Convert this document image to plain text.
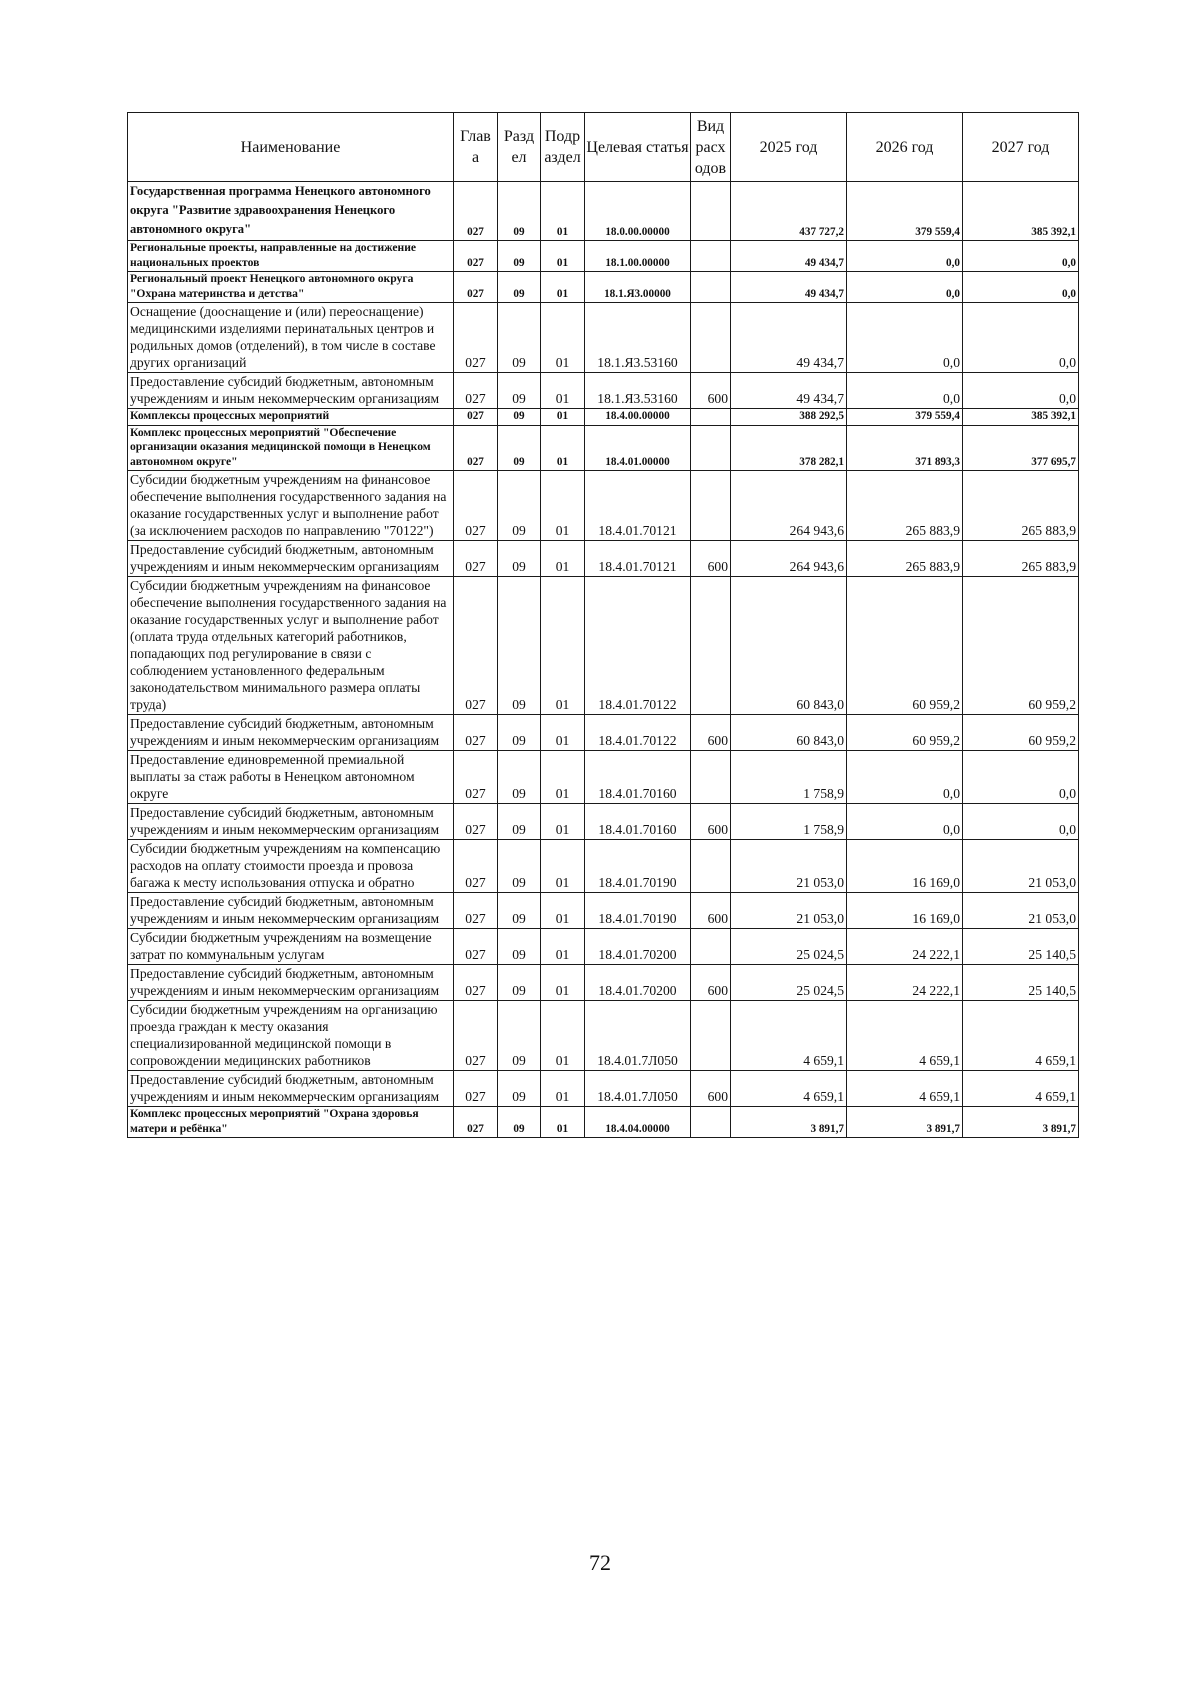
Наименование	Глав а	Разд ел	Подр аздел	Целевая статья	Вид расх одов	2025 год	2026 год	2027 год
Государственная программа Ненецкого автономного округа "Развитие здравоохранения Ненецкого автономного округа"	027	09	01	18.0.00.00000		437 727,2	379 559,4	385 392,1
Региональные проекты, направленные на достижение национальных проектов	027	09	01	18.1.00.00000		49 434,7	0,0	0,0
Региональный проект Ненецкого автономного округа "Охрана материнства и детства"	027	09	01	18.1.Я3.00000		49 434,7	0,0	0,0
Оснащение (дооснащение и (или) переоснащение) медицинскими изделиями перинатальных центров и родильных домов (отделений), в том числе в составе других организаций	027	09	01	18.1.Я3.53160		49 434,7	0,0	0,0
Предоставление субсидий бюджетным, автономным учреждениям и иным некоммерческим организациям	027	09	01	18.1.Я3.53160	600	49 434,7	0,0	0,0
Комплексы процессных мероприятий	027	09	01	18.4.00.00000		388 292,5	379 559,4	385 392,1
Комплекс процессных мероприятий "Обеспечение организации оказания медицинской помощи в Ненецком автономном округе"	027	09	01	18.4.01.00000		378 282,1	371 893,3	377 695,7
Субсидии бюджетным учреждениям на финансовое обеспечение выполнения государственного задания на оказание государственных услуг и выполнение работ (за исключением расходов по направлению "70122")	027	09	01	18.4.01.70121		264 943,6	265 883,9	265 883,9
Предоставление субсидий бюджетным, автономным учреждениям и иным некоммерческим организациям	027	09	01	18.4.01.70121	600	264 943,6	265 883,9	265 883,9
Субсидии бюджетным учреждениям на финансовое обеспечение выполнения государственного задания на оказание государственных услуг и выполнение работ (оплата труда отдельных категорий работников, попадающих под регулирование в связи с соблюдением установленного федеральным законодательством минимального размера оплаты труда)	027	09	01	18.4.01.70122		60 843,0	60 959,2	60 959,2
Предоставление субсидий бюджетным, автономным учреждениям и иным некоммерческим организациям	027	09	01	18.4.01.70122	600	60 843,0	60 959,2	60 959,2
Предоставление единовременной премиальной выплаты за стаж работы в Ненецком автономном округе	027	09	01	18.4.01.70160		1 758,9	0,0	0,0
Предоставление субсидий бюджетным, автономным учреждениям и иным некоммерческим организациям	027	09	01	18.4.01.70160	600	1 758,9	0,0	0,0
Субсидии бюджетным учреждениям на компенсацию расходов на оплату стоимости проезда и провоза багажа к месту использования отпуска и обратно	027	09	01	18.4.01.70190		21 053,0	16 169,0	21 053,0
Предоставление субсидий бюджетным, автономным учреждениям и иным некоммерческим организациям	027	09	01	18.4.01.70190	600	21 053,0	16 169,0	21 053,0
Субсидии бюджетным учреждениям на возмещение затрат по коммунальным услугам	027	09	01	18.4.01.70200		25 024,5	24 222,1	25 140,5
Предоставление субсидий бюджетным, автономным учреждениям и иным некоммерческим организациям	027	09	01	18.4.01.70200	600	25 024,5	24 222,1	25 140,5
Субсидии бюджетным учреждениям на организацию проезда граждан к месту оказания специализированной медицинской помощи в сопровождении медицинских работников	027	09	01	18.4.01.7Л050		4 659,1	4 659,1	4 659,1
Предоставление субсидий бюджетным, автономным учреждениям и иным некоммерческим организациям	027	09	01	18.4.01.7Л050	600	4 659,1	4 659,1	4 659,1
Комплекс процессных мероприятий "Охрана здоровья матери и ребёнка"	027	09	01	18.4.04.00000		3 891,7	3 891,7	3 891,7
72
